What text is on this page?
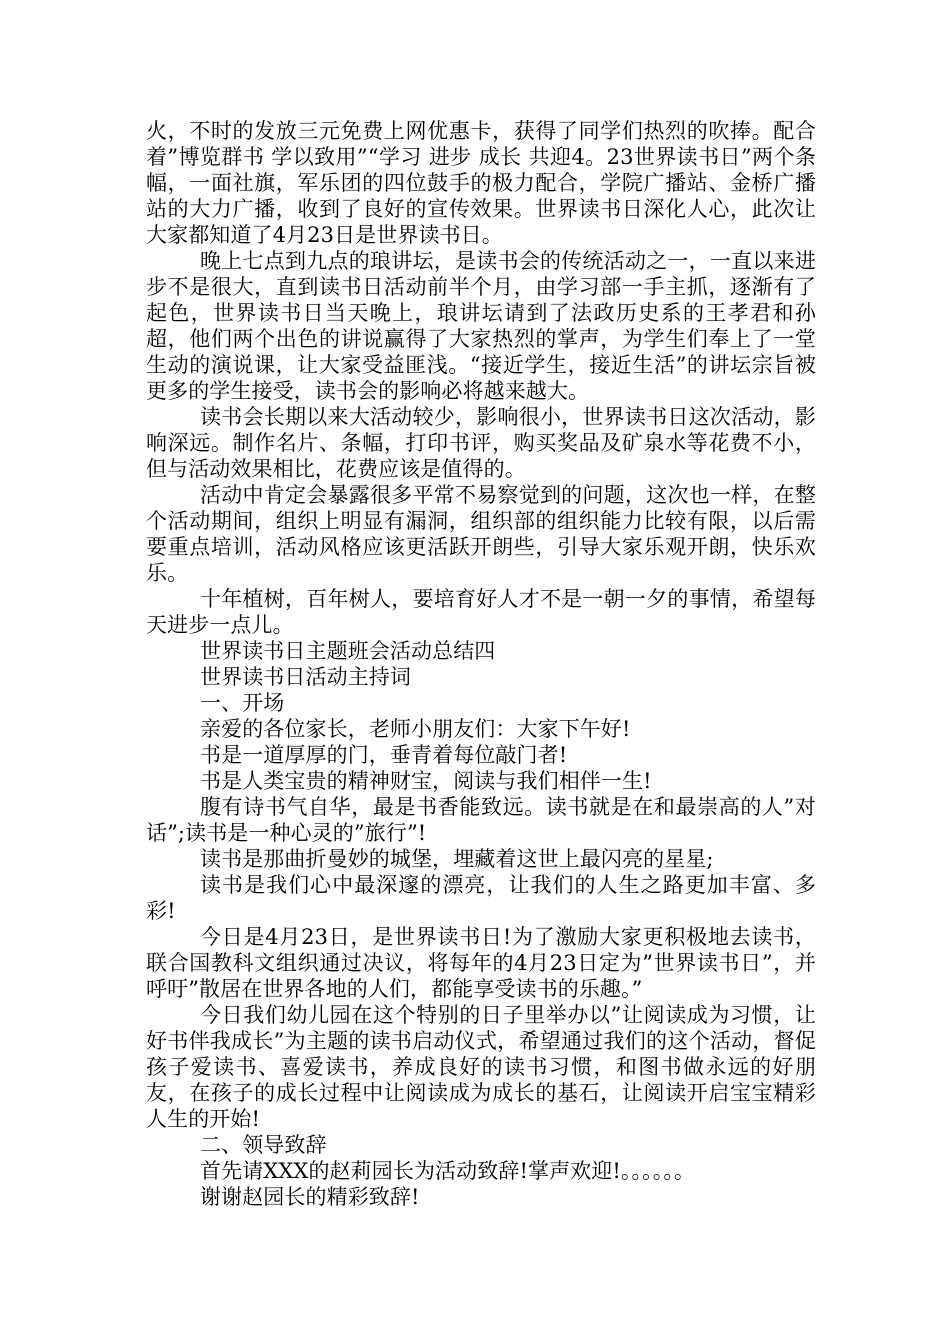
火，不时的发放三元免费上网优惠卡，获得了同学们热烈的吹捧。配合着”博览群书 学以致用”“学习 进步 成长 共迎4。23世界读书日”两个条幅，一面社旗，军乐团的四位鼓手的极力配合，学院广播站、金桥广播站的大力广播，收到了良好的宣传效果。世界读书日深化人心，此次让大家都知道了4月23日是世界读书日。

晚上七点到九点的琅讲坛，是读书会的传统活动之一，一直以来进步不是很大，直到读书日活动前半个月，由学习部一手主抓，逐渐有了起色，世界读书日当天晚上，琅讲坛请到了法政历史系的王孝君和孙超，他们两个出色的讲说赢得了大家热烈的掌声，为学生们奉上了一堂生动的演说课，让大家受益匪浅。“接近学生，接近生活”的讲坛宗旨被更多的学生接受，读书会的影响必将越来越大。

读书会长期以来大活动较少，影响很小，世界读书日这次活动，影响深远。制作名片、条幅，打印书评，购买奖品及矿泉水等花费不小，但与活动效果相比，花费应该是值得的。

活动中肯定会暴露很多平常不易察觉到的问题，这次也一样，在整个活动期间，组织上明显有漏洞，组织部的组织能力比较有限，以后需要重点培训，活动风格应该更活跃开朗些，引导大家乐观开朗，快乐欢乐。

十年植树，百年树人，要培育好人才不是一朝一夕的事情，希望每天进步一点儿。

世界读书日主题班会活动总结四

世界读书日活动主持词

一、开场

亲爱的各位家长，老师小朋友们：大家下午好!

书是一道厚厚的门，垂青着每位敲门者!

书是人类宝贵的精神财宝，阅读与我们相伴一生!

腹有诗书气自华，最是书香能致远。读书就是在和最崇高的人”对话”;读书是一种心灵的”旅行”!

读书是那曲折曼妙的城堡，埋藏着这世上最闪亮的星星;

读书是我们心中最深邃的漂亮，让我们的人生之路更加丰富、多彩!

今日是4月23日，是世界读书日!为了激励大家更积极地去读书，联合国教科文组织通过决议，将每年的4月23日定为”世界读书日”，并呼吁”散居在世界各地的人们，都能享受读书的乐趣。”

今日我们幼儿园在这个特别的日子里举办以”让阅读成为习惯，让好书伴我成长”为主题的读书启动仪式，希望通过我们的这个活动，督促孩子爱读书、喜爱读书，养成良好的读书习惯，和图书做永远的好朋友，在孩子的成长过程中让阅读成为成长的基石，让阅读开启宝宝精彩人生的开始!

二、领导致辞

首先请XXX的赵莉园长为活动致辞!掌声欢迎!。。。。。。

谢谢赵园长的精彩致辞!
